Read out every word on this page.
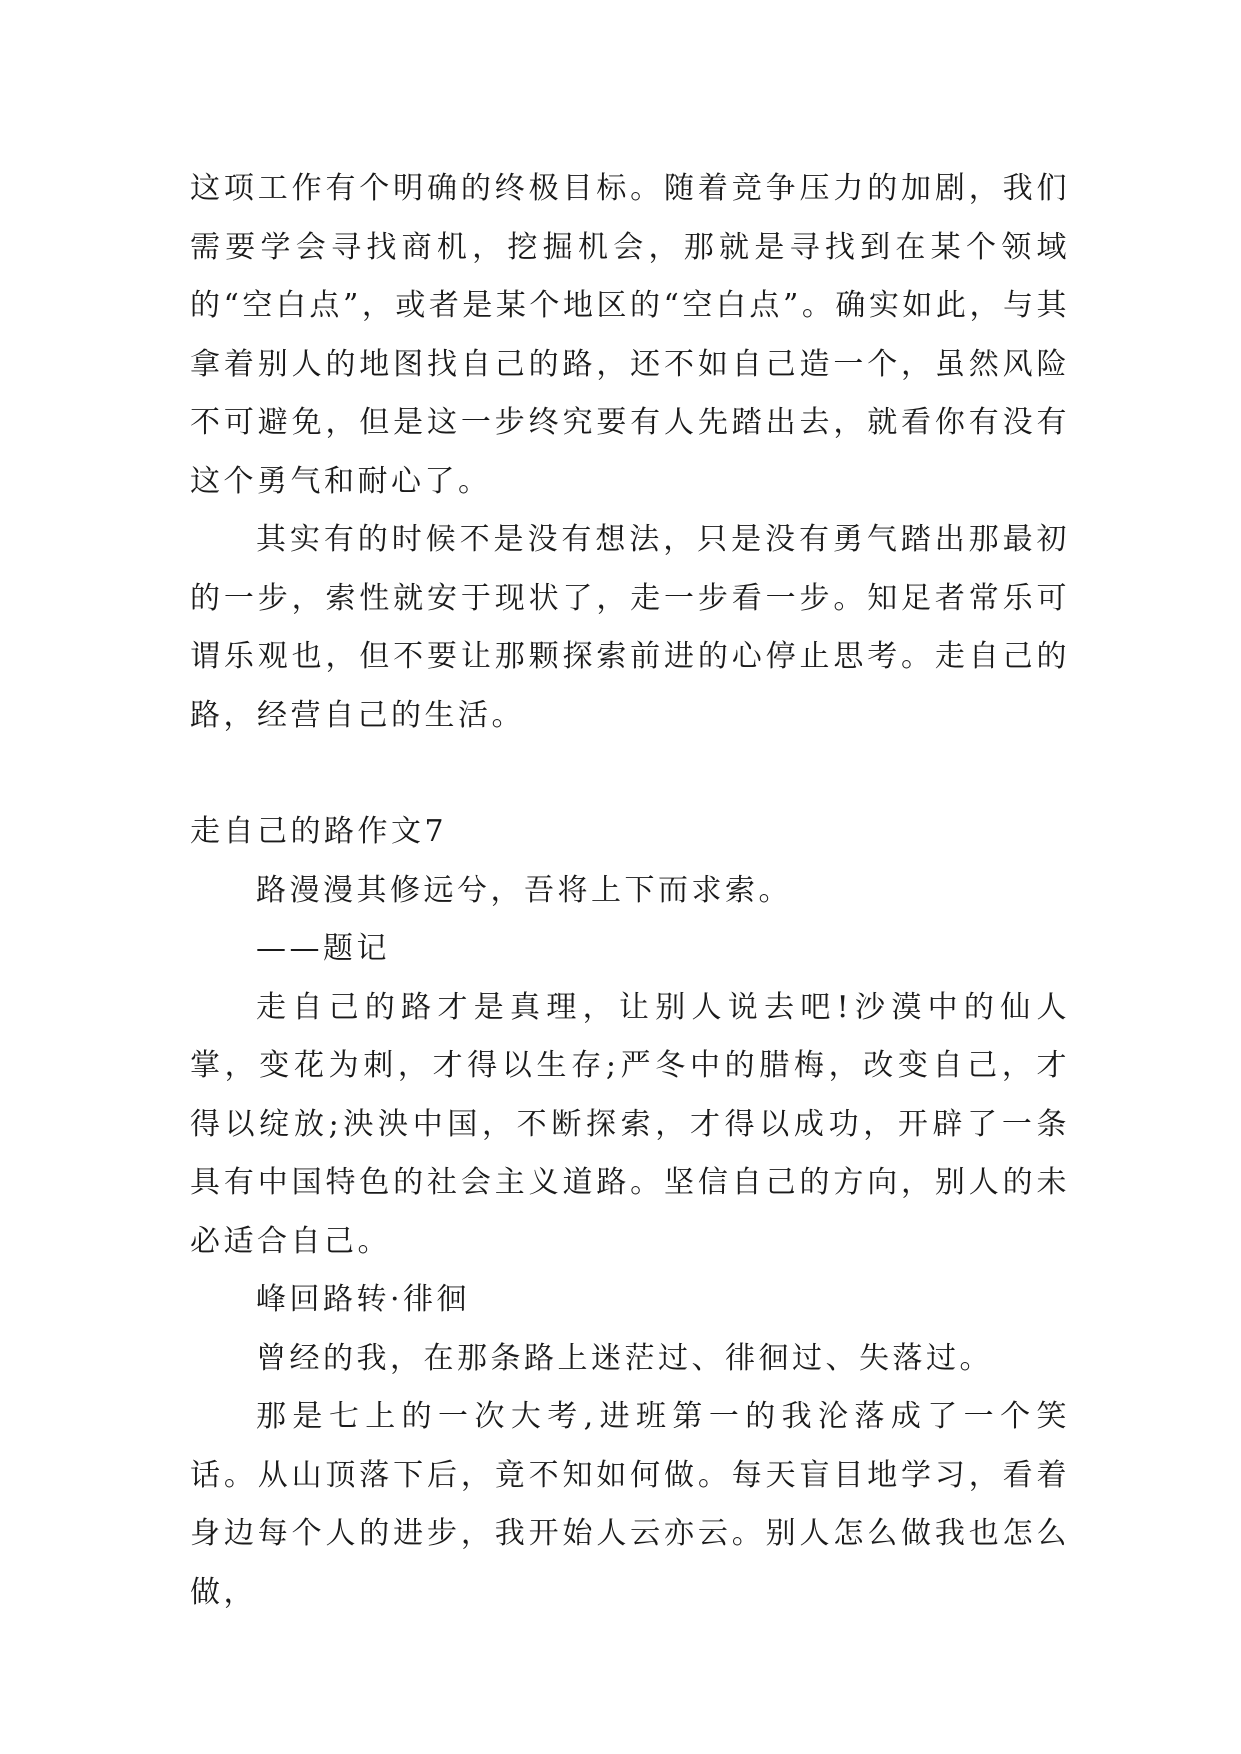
这项工作有个明确的终极目标。随着竞争压力的加剧，我们需要学会寻找商机，挖掘机会，那就是寻找到在某个领域的“空白点”，或者是某个地区的“空白点”。确实如此，与其拿着别人的地图找自己的路，还不如自己造一个，虽然风险不可避免，但是这一步终究要有人先踏出去，就看你有没有这个勇气和耐心了。

其实有的时候不是没有想法，只是没有勇气踏出那最初的一步，索性就安于现状了，走一步看一步。知足者常乐可谓乐观也，但不要让那颗探索前进的心停止思考。走自己的路，经营自己的生活。

走自己的路作文7

路漫漫其修远兮，吾将上下而求索。

——题记

走自己的路才是真理，让别人说去吧!沙漠中的仙人掌，变花为刺，才得以生存;严冬中的腊梅，改变自己，才得以绽放;泱泱中国，不断探索，才得以成功，开辟了一条具有中国特色的社会主义道路。坚信自己的方向，别人的未必适合自己。

峰回路转·徘徊

曾经的我，在那条路上迷茫过、徘徊过、失落过。

那是七上的一次大考,进班第一的我沦落成了一个笑话。从山顶落下后，竟不知如何做。每天盲目地学习，看着身边每个人的进步，我开始人云亦云。别人怎么做我也怎么做，
